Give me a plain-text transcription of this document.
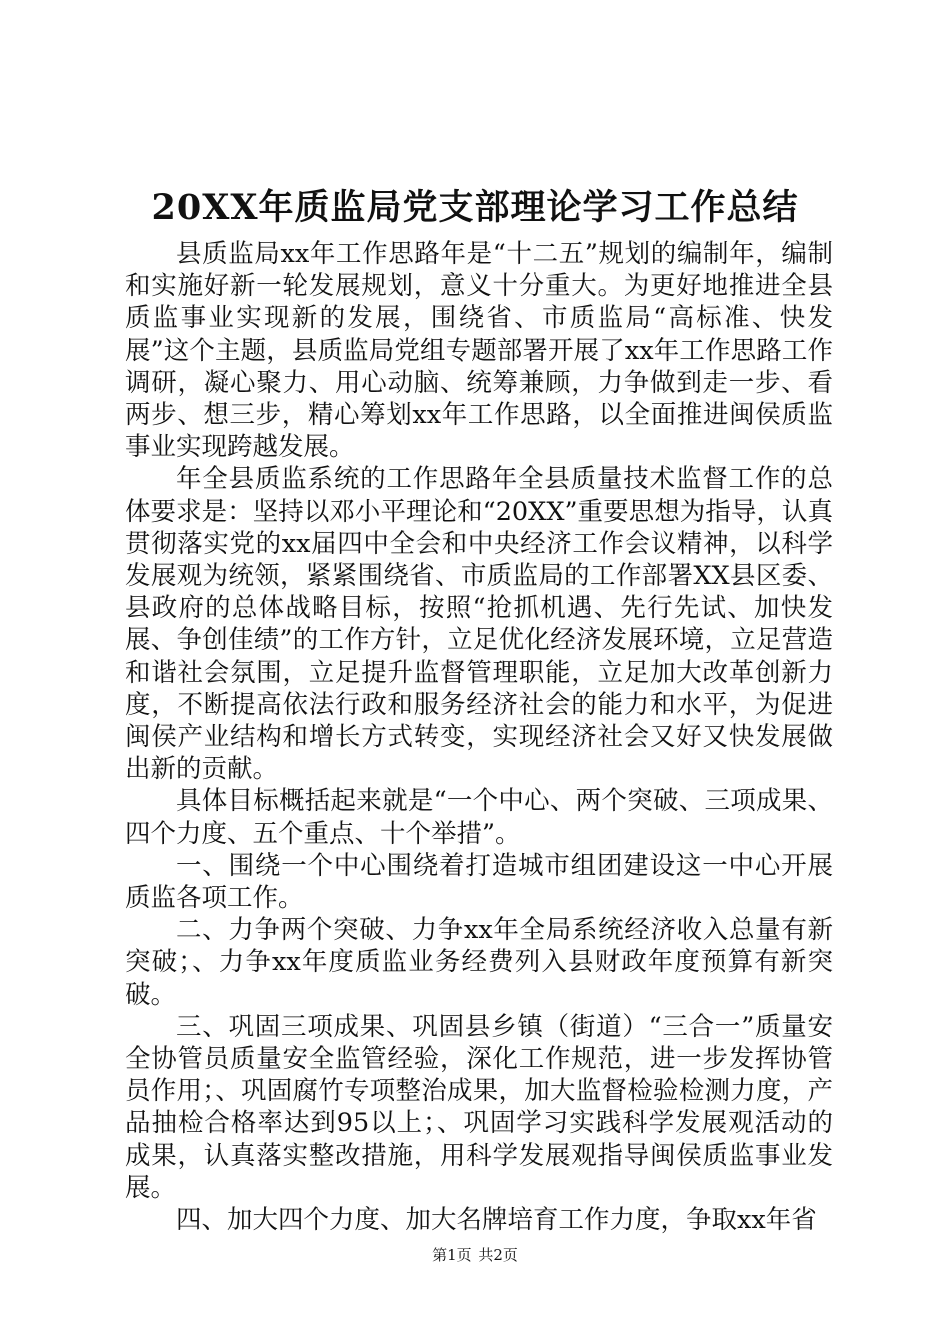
20XX年质监局党支部理论学习工作总结

县质监局xx年工作思路年是“十二五”规划的编制年，编制和实施好新一轮发展规划，意义十分重大。为更好地推进全县质监事业实现新的发展，围绕省、市质监局“高标准、快发展”这个主题，县质监局党组专题部署开展了xx年工作思路工作调研，凝心聚力、用心动脑、统筹兼顾，力争做到走一步、看两步、想三步，精心筹划xx年工作思路，以全面推进闽侯质监事业实现跨越发展。

年全县质监系统的工作思路年全县质量技术监督工作的总体要求是：坚持以邓小平理论和“20XX”重要思想为指导，认真贯彻落实党的xx届四中全会和中央经济工作会议精神，以科学发展观为统领，紧紧围绕省、市质监局的工作部署XX县区委、县政府的总体战略目标，按照“抢抓机遇、先行先试、加快发展、争创佳绩”的工作方针，立足优化经济发展环境，立足营造和谐社会氛围，立足提升监督管理职能，立足加大改革创新力度，不断提高依法行政和服务经济社会的能力和水平，为促进闽侯产业结构和增长方式转变，实现经济社会又好又快发展做出新的贡献。

具体目标概括起来就是“一个中心、两个突破、三项成果、四个力度、五个重点、十个举措”。

一、围绕一个中心围绕着打造城市组团建设这一中心开展质监各项工作。

二、力争两个突破、力争xx年全局系统经济收入总量有新突破；、力争xx年度质监业务经费列入县财政年度预算有新突破。

三、巩固三项成果、巩固县乡镇（街道）“三合一”质量安全协管员质量安全监管经验，深化工作规范，进一步发挥协管员作用；、巩固腐竹专项整治成果，加大监督检验检测力度，产品抽检合格率达到95以上；、巩固学习实践科学发展观活动的成果，认真落实整改措施，用科学发展观指导闽侯质监事业发展。

四、加大四个力度、加大名牌培育工作力度，争取xx年省

第1页 共2页
